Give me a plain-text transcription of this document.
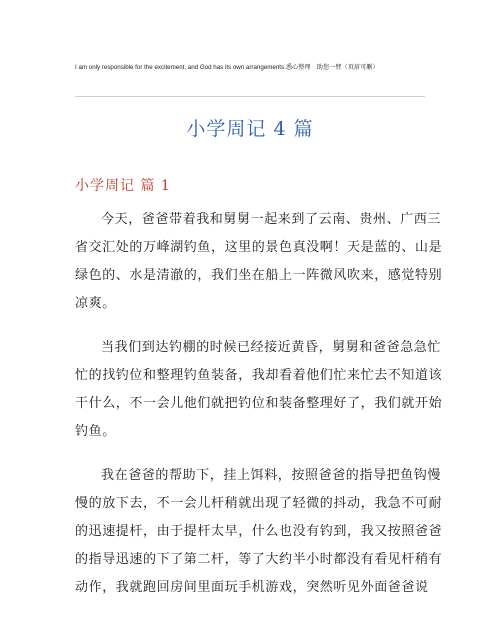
I am only responsible for the excitement, and God has its own arrangements.悉心整理　助您一臂（页眉可删）
小学周记 4 篇
小学周记 篇 1
今天，爸爸带着我和舅舅一起来到了云南、贵州、广西三
省交汇处的万峰湖钓鱼，这里的景色真没啊！天是蓝的、山是
绿色的、水是清澈的，我们坐在船上一阵微风吹来，感觉特别
凉爽。
当我们到达钓棚的时候已经接近黄昏，舅舅和爸爸急急忙
忙的找钓位和整理钓鱼装备，我却看着他们忙来忙去不知道该
干什么，不一会儿他们就把钓位和装备整理好了，我们就开始
钓鱼。
我在爸爸的帮助下，挂上饵料，按照爸爸的指导把鱼钩慢
慢的放下去，不一会儿杆稍就出现了轻微的抖动，我急不可耐
的迅速提杆，由于提杆太早，什么也没有钓到，我又按照爸爸
的指导迅速的下了第二杆，等了大约半小时都没有看见杆稍有
动作，我就跑回房间里面玩手机游戏，突然听见外面爸爸说
